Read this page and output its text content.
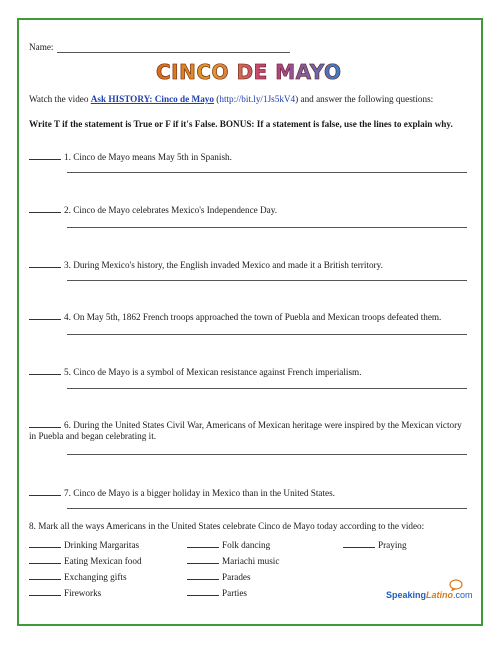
Name:
CINCO DE MAYO
Watch the video Ask HISTORY: Cinco de Mayo (http://bit.ly/1Js5kV4) and answer the following questions:
Write T if the statement is True or F if it's False. BONUS: If a statement is false, use the lines to explain why.
1. Cinco de Mayo means May 5th in Spanish.
2. Cinco de Mayo celebrates Mexico's Independence Day.
3. During Mexico's history, the English invaded Mexico and made it a British territory.
4. On May 5th, 1862 French troops approached the town of Puebla and Mexican troops defeated them.
5. Cinco de Mayo is a symbol of Mexican resistance against French imperialism.
6. During the United States Civil War, Americans of Mexican heritage were inspired by the Mexican victory in Puebla and began celebrating it.
7. Cinco de Mayo is a bigger holiday in Mexico than in the United States.
8. Mark all the ways Americans in the United States celebrate Cinco de Mayo today according to the video:
Drinking Margaritas
Eating Mexican food
Exchanging gifts
Fireworks
Folk dancing
Mariachi music
Parades
Parties
Praying
SpeakingLatino.com
